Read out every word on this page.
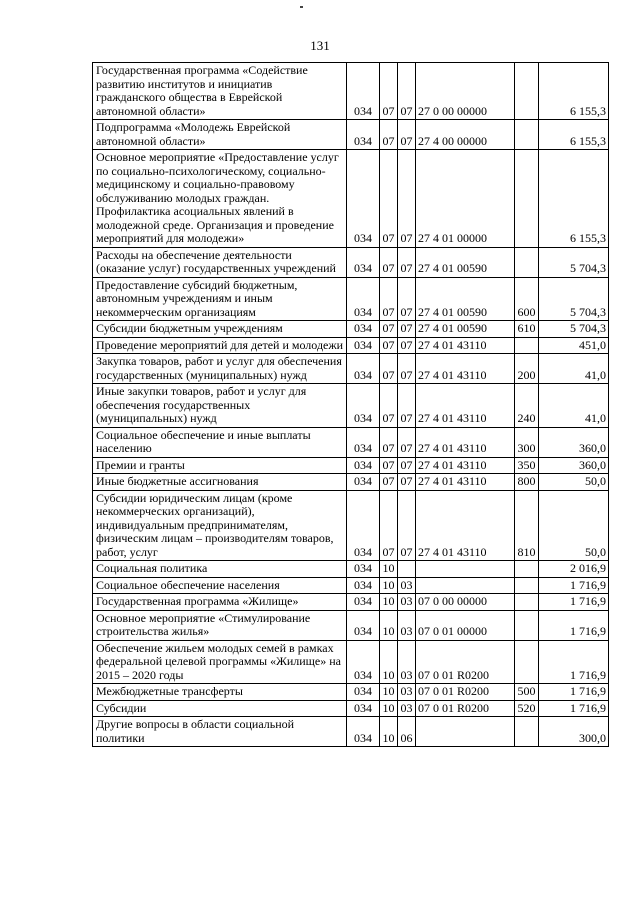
131
Государственная программа «Содействие развитию институтов и инициатив гражданского общества в Еврейской автономной области»	034	07	07	27 0 00 00000		6 155,3
Подпрограмма «Молодежь Еврейской автономной области»	034	07	07	27 4 00 00000		6 155,3
Основное мероприятие «Предоставление услуг по социально-психологическому, социально-медицинскому и социально-правовому обслуживанию молодых граждан. Профилактика асоциальных явлений в молодежной среде. Организация и проведение мероприятий для молодежи»	034	07	07	27 4 01 00000		6 155,3
Расходы на обеспечение деятельности (оказание услуг) государственных учреждений	034	07	07	27 4 01 00590		5 704,3
Предоставление субсидий бюджетным, автономным учреждениям и иным некоммерческим организациям	034	07	07	27 4 01 00590	600	5 704,3
Субсидии бюджетным учреждениям	034	07	07	27 4 01 00590	610	5 704,3
Проведение мероприятий для детей и молодежи	034	07	07	27 4 01 43110		451,0
Закупка товаров, работ и услуг для обеспечения государственных (муниципальных) нужд	034	07	07	27 4 01 43110	200	41,0
Иные закупки товаров, работ и услуг для обеспечения государственных (муниципальных) нужд	034	07	07	27 4 01 43110	240	41,0
Социальное обеспечение и иные выплаты населению	034	07	07	27 4 01 43110	300	360,0
Премии и гранты	034	07	07	27 4 01 43110	350	360,0
Иные бюджетные ассигнования	034	07	07	27 4 01 43110	800	50,0
Субсидии юридическим лицам (кроме некоммерческих организаций), индивидуальным предпринимателям, физическим лицам – производителям товаров, работ, услуг	034	07	07	27 4 01 43110	810	50,0
Социальная политика	034	10				2 016,9
Социальное обеспечение населения	034	10	03			1 716,9
Государственная программа «Жилище»	034	10	03	07 0 00 00000		1 716,9
Основное мероприятие «Стимулирование строительства жилья»	034	10	03	07 0 01 00000		1 716,9
Обеспечение жильем молодых семей в рамках федеральной целевой программы «Жилище» на 2015 – 2020 годы	034	10	03	07 0 01 R0200		1 716,9
Межбюджетные трансферты	034	10	03	07 0 01 R0200	500	1 716,9
Субсидии	034	10	03	07 0 01 R0200	520	1 716,9
Другие вопросы в области социальной политики	034	10	06			300,0
